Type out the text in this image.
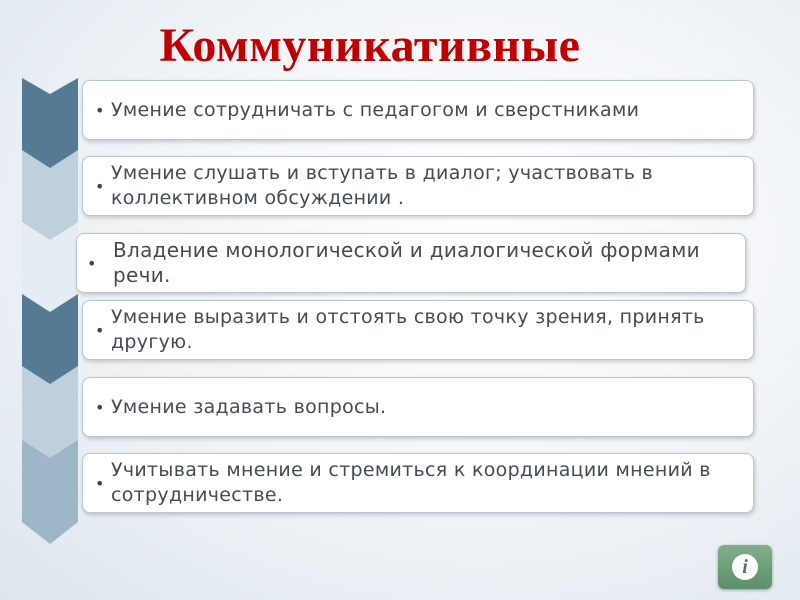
Коммуникативные
• Умение сотрудничать с педагогом и сверстниками
•
Умение слушать и вступать в диалог; участвовать в коллективном обсуждении .
•
Владение монологической и диалогической формами речи.
•
Умение выразить и отстоять свою точку зрения, принять другую.
• Умение задавать вопросы.
•
Учитывать мнение и стремиться к координации мнений в сотрудничестве.
i
